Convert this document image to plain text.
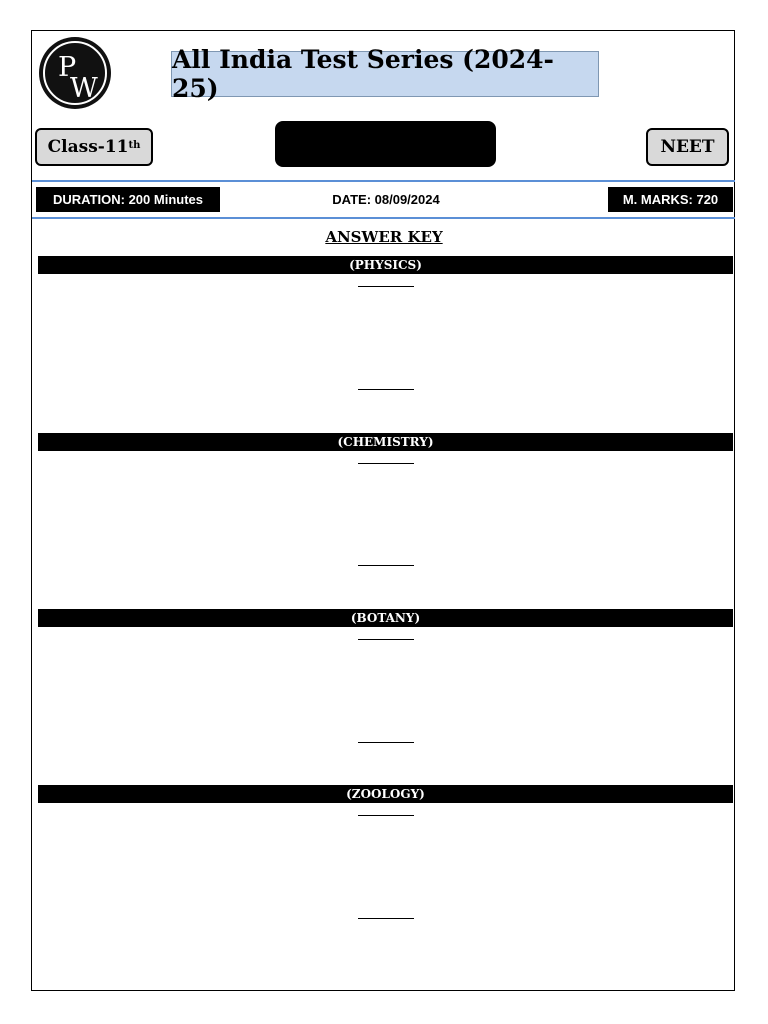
P
W
All India Test Series (2024-25)
Class-11th	NEET
DURATION: 200 Minutes	DATE: 08/09/2024	M. MARKS: 720
ANSWER KEY
(PHYSICS)
(CHEMISTRY)
(BOTANY)
(ZOOLOGY)
